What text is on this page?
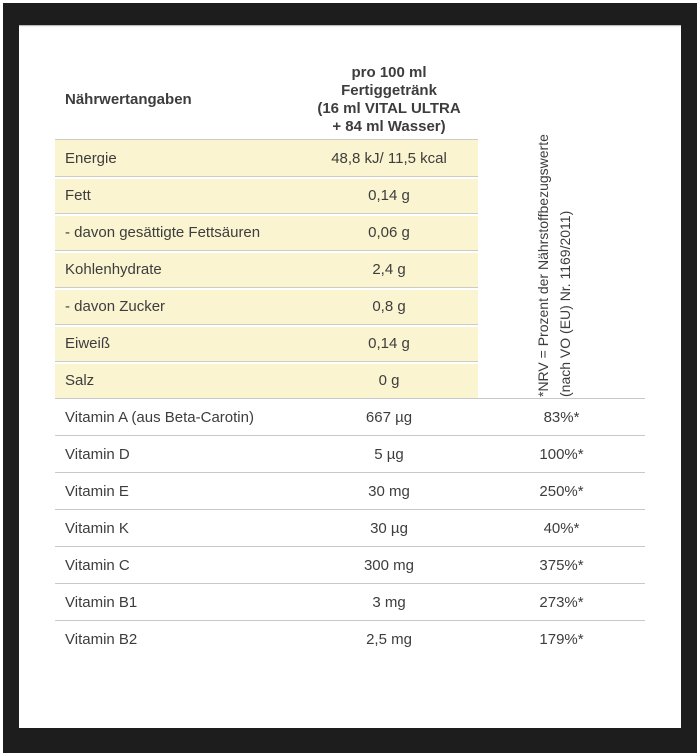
Nährwertangaben
pro 100 ml
Fertiggetränk
(16 ml VITAL ULTRA
+ 84 ml Wasser)
Energie	48,8 kJ/ 11,5 kcal
Fett	0,14 g
- davon gesättigte Fettsäuren	0,06 g
Kohlenhydrate	2,4 g
- davon Zucker	0,8 g
Eiweiß	0,14 g
Salz	0 g
Vitamin A (aus Beta-Carotin)	667 µg	83%*
Vitamin D	5 µg	100%*
Vitamin E	30 mg	250%*
Vitamin K	30 µg	40%*
Vitamin C	300 mg	375%*
Vitamin B1	3 mg	273%*
Vitamin B2	2,5 mg	179%*
*NRV = Prozent der Nährstoffbezugswerte (nach VO (EU) Nr. 1169/2011)
